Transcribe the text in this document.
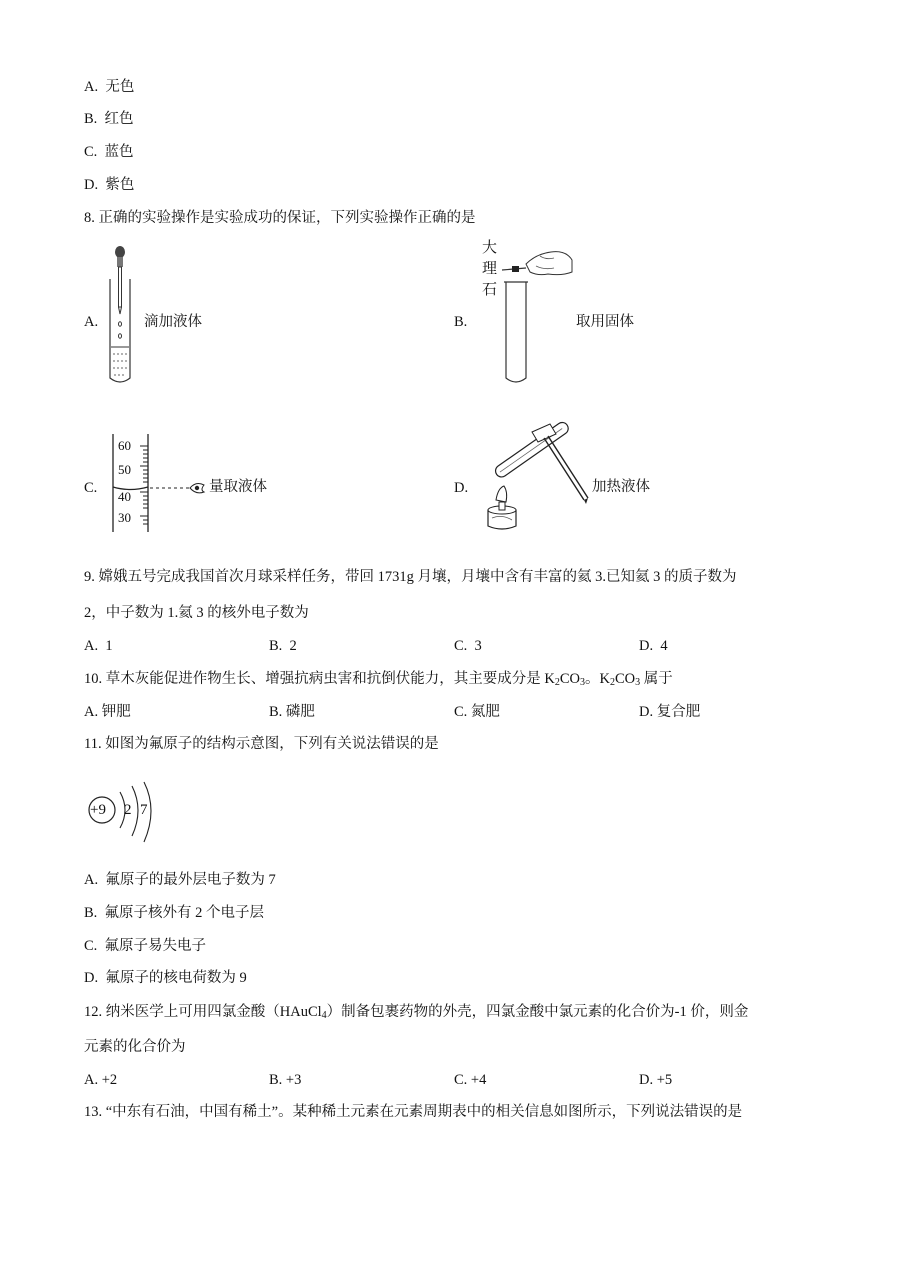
A. 无色
B. 红色
C. 蓝色
D. 紫色
8. 正确的实验操作是实验成功的保证，下列实验操作正确的是
A.	滴加液体	B.
大
理
石
取用固体
C.
60
50
40
30
量取液体	D.	加热液体
9. 嫦娥五号完成我国首次月球采样任务，带回 1731g 月壤，月壤中含有丰富的氦 3.已知氦 3 的质子数为
2，中子数为 1.氦 3 的核外电子数为
A. 1	B. 2	C. 3	D. 4
10. 草木灰能促进作物生长、增强抗病虫害和抗倒伏能力，其主要成分是 $K_2CO_3$。$K_2CO_3$ 属于
A. 钾肥	B. 磷肥	C. 氮肥	D. 复合肥
11. 如图为氟原子的结构示意图，下列有关说法错误的是
+9 2 7
A. 氟原子的最外层电子数为 7
B. 氟原子核外有 2 个电子层
C. 氟原子易失电子
D. 氟原子的核电荷数为 9
12. 纳米医学上可用四氯金酸（HAuCl$_4$）制备包裹药物的外壳，四氯金酸中氯元素的化合价为-1 价，则金
元素的化合价为
A. +2	B. +3	C. +4	D. +5
13. “中东有石油，中国有稀土”。某种稀土元素在元素周期表中的相关信息如图所示，下列说法错误的是
